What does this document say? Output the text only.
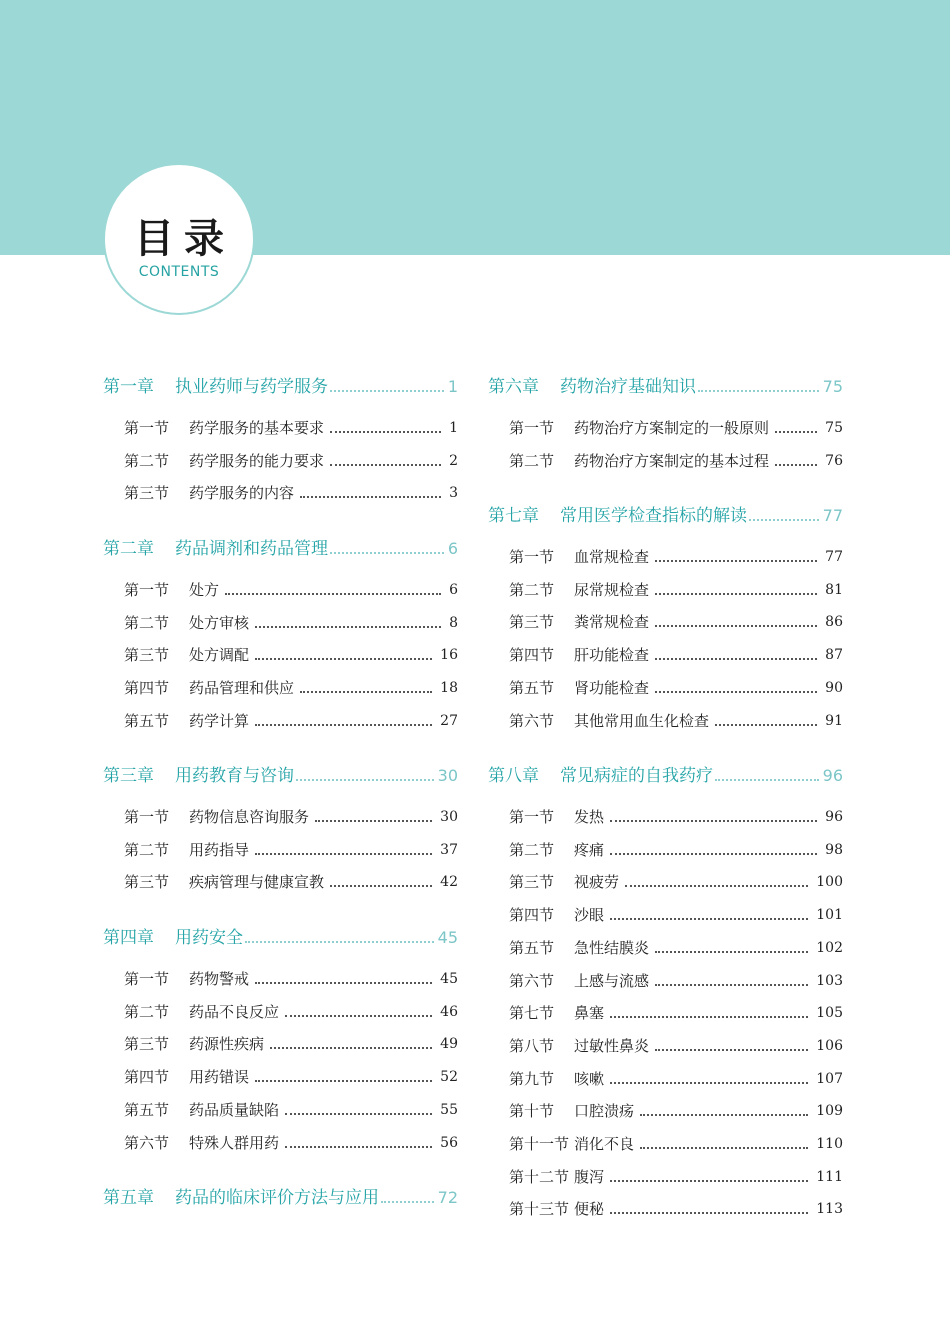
目录
CONTENTS
第一章	执业药师与药学服务	1
第一节	药学服务的基本要求	1
第二节	药学服务的能力要求	2
第三节	药学服务的内容	3
第二章	药品调剂和药品管理	6
第一节	处方	6
第二节	处方审核	8
第三节	处方调配	16
第四节	药品管理和供应	18
第五节	药学计算	27
第三章	用药教育与咨询	30
第一节	药物信息咨询服务	30
第二节	用药指导	37
第三节	疾病管理与健康宣教	42
第四章	用药安全	45
第一节	药物警戒	45
第二节	药品不良反应	46
第三节	药源性疾病	49
第四节	用药错误	52
第五节	药品质量缺陷	55
第六节	特殊人群用药	56
第五章	药品的临床评价方法与应用	72
第六章	药物治疗基础知识	75
第一节	药物治疗方案制定的一般原则	75
第二节	药物治疗方案制定的基本过程	76
第七章	常用医学检查指标的解读	77
第一节	血常规检查	77
第二节	尿常规检查	81
第三节	粪常规检查	86
第四节	肝功能检查	87
第五节	肾功能检查	90
第六节	其他常用血生化检查	91
第八章	常见病症的自我药疗	96
第一节	发热	96
第二节	疼痛	98
第三节	视疲劳	100
第四节	沙眼	101
第五节	急性结膜炎	102
第六节	上感与流感	103
第七节	鼻塞	105
第八节	过敏性鼻炎	106
第九节	咳嗽	107
第十节	口腔溃疡	109
第十一节 消化不良	110
第十二节 腹泻	111
第十三节 便秘	113
